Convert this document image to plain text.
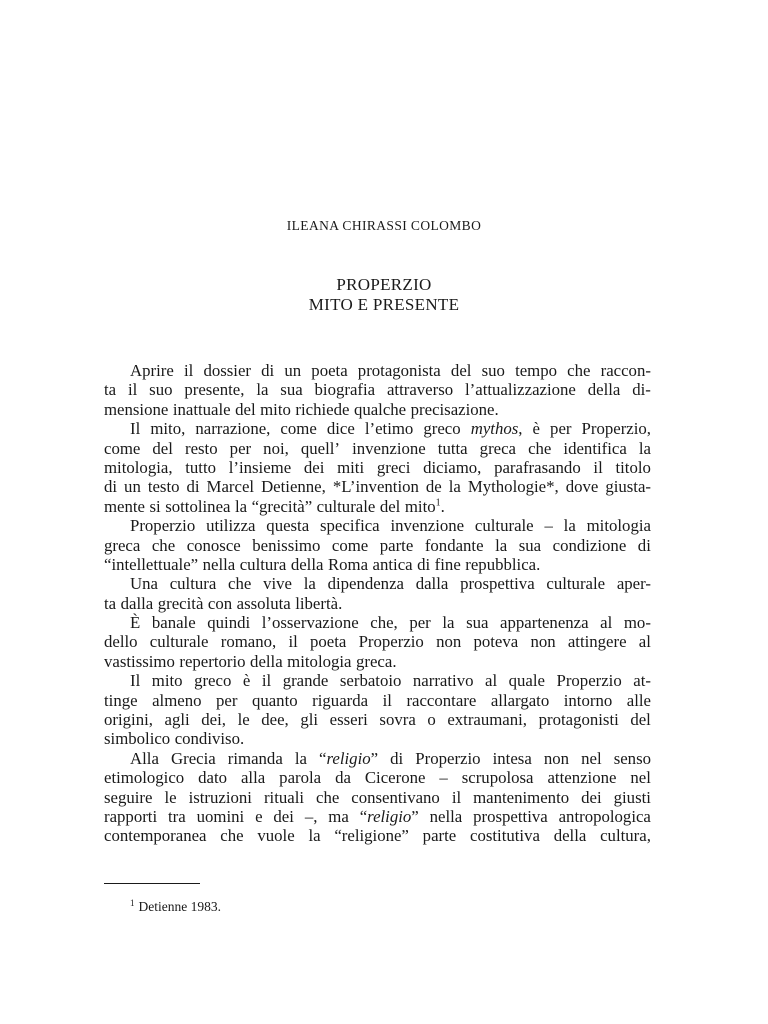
ILEANA CHIRASSI COLOMBO
PROPERZIO
MITO E PRESENTE
Aprire il dossier di un poeta protagonista del suo tempo che raccon-
ta il suo presente, la sua biografia attraverso l’attualizzazione della di-
mensione inattuale del mito richiede qualche precisazione.
Il mito, narrazione, come dice l’etimo greco mythos, è per Properzio,
come del resto per noi, quell’ invenzione tutta greca che identifica la
mitologia, tutto l’insieme dei miti greci diciamo, parafrasando il titolo
di un testo di Marcel Detienne, *L’invention de la Mythologie*, dove giusta-
mente si sottolinea la “grecità” culturale del mito$^1$.
Properzio utilizza questa specifica invenzione culturale – la mitologia
greca che conosce benissimo come parte fondante la sua condizione di
“intellettuale” nella cultura della Roma antica di fine repubblica.
Una cultura che vive la dipendenza dalla prospettiva culturale aper-
ta dalla grecità con assoluta libertà.
È banale quindi l’osservazione che, per la sua appartenenza al mo-
dello culturale romano, il poeta Properzio non poteva non attingere al
vastissimo repertorio della mitologia greca.
Il mito greco è il grande serbatoio narrativo al quale Properzio at-
tinge almeno per quanto riguarda il raccontare allargato intorno alle
origini, agli dei, le dee, gli esseri sovra o extraumani, protagonisti del
simbolico condiviso.
Alla Grecia rimanda la “religio” di Properzio intesa non nel senso
etimologico dato alla parola da Cicerone – scrupolosa attenzione nel
seguire le istruzioni rituali che consentivano il mantenimento dei giusti
rapporti tra uomini e dei –, ma “religio” nella prospettiva antropologica
contemporanea che vuole la “religione” parte costitutiva della cultura,
$^1$ Detienne 1983.
